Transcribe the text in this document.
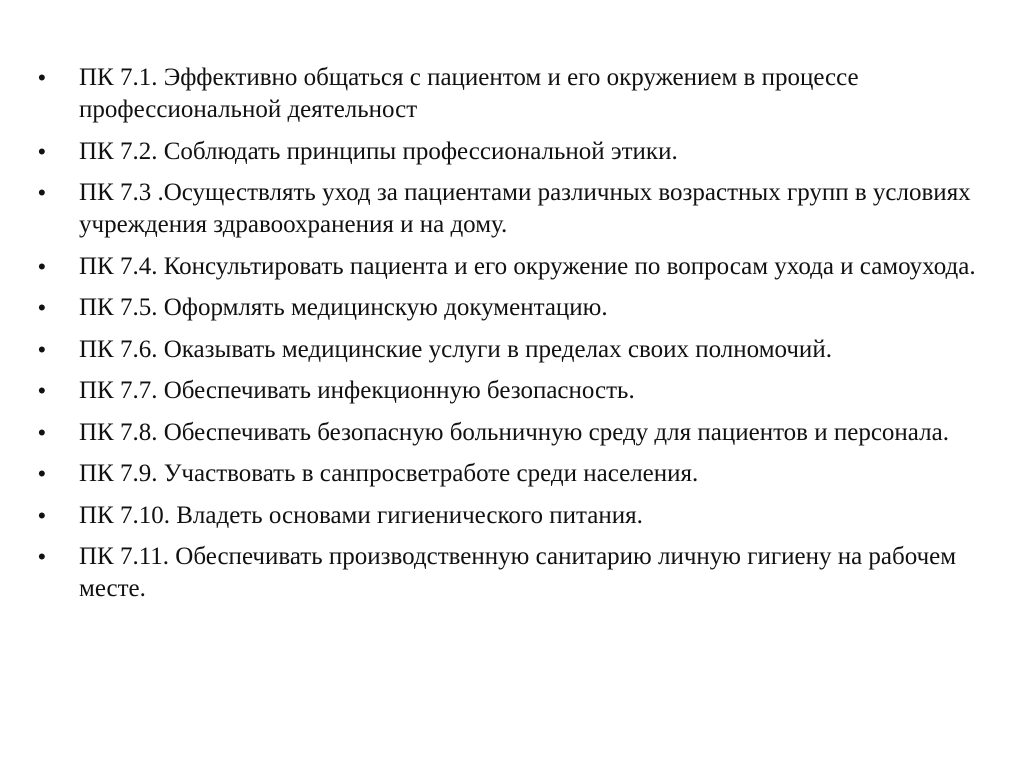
•	ПК 7.1. Эффективно общаться с пациентом и его окружением в процессе профессиональной деятельност
•	ПК 7.2. Соблюдать принципы профессиональной этики.
•	ПК 7.3 .Осуществлять уход за пациентами различных возрастных групп в условиях учреждения здравоохранения и на дому.
•	ПК 7.4. Консультировать пациента и его окружение по вопросам ухода и самоухода.
•	ПК 7.5. Оформлять медицинскую документацию.
•	ПК 7.6. Оказывать медицинские услуги в пределах своих полномочий.
•	ПК 7.7. Обеспечивать инфекционную безопасность.
•	ПК 7.8. Обеспечивать безопасную больничную среду для пациентов и персонала.
•	ПК 7.9. Участвовать в санпросветработе среди населения.
•	ПК 7.10. Владеть основами гигиенического питания.
•	ПК 7.11. Обеспечивать производственную санитарию личную гигиену на рабочем месте.
